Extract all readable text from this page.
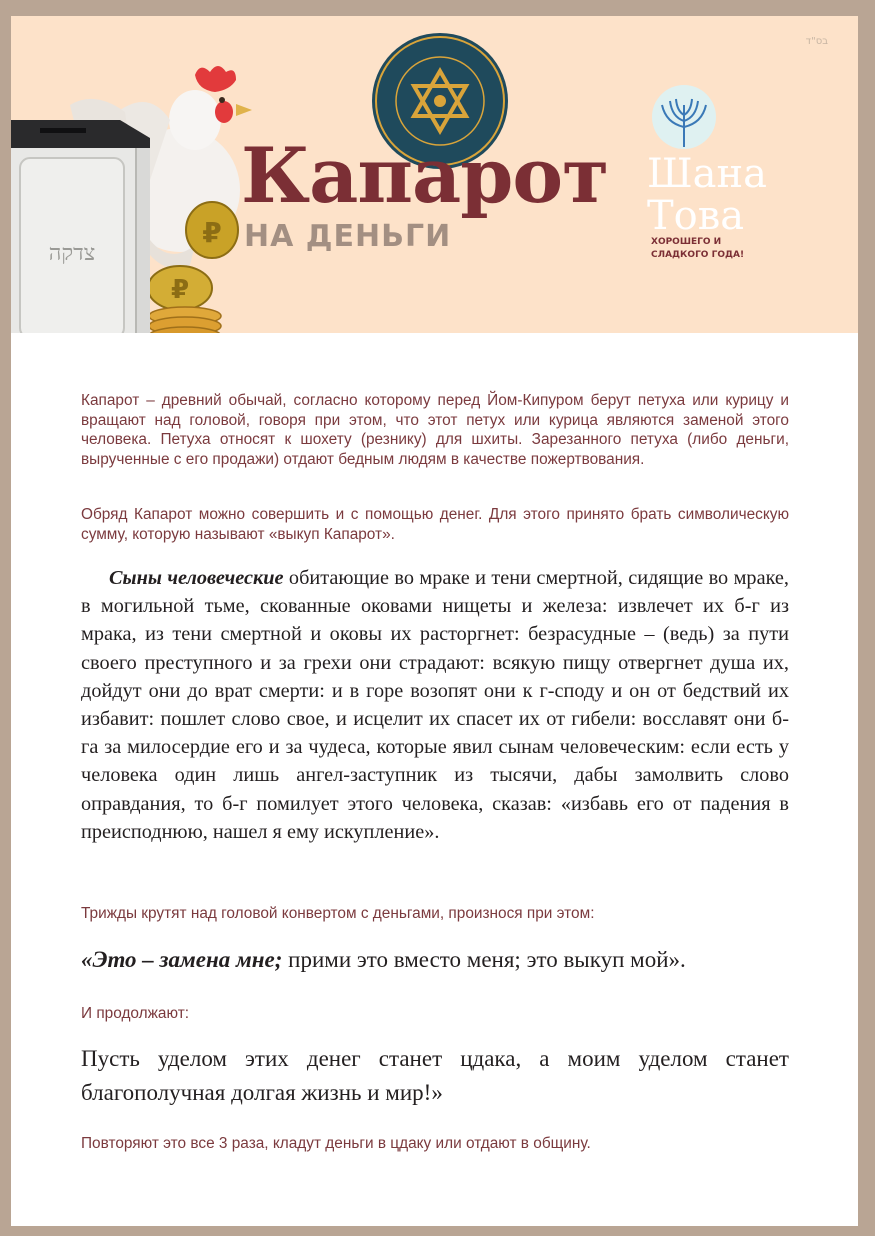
בס"ד
₽
₽
צדקה
Капарот
НА ДЕНЬГИ
Шана
Това
ХОРОШЕГО И
СЛАДКОГО ГОДА!

Капарот – древний обычай, согласно которому перед Йом-Кипуром берут петуха или курицу и вращают над головой, говоря при этом, что этот петух или курица являются заменой этого человека. Петуха относят к шохету (резнику) для шхиты. Зарезанного петуха (либо деньги, вырученные с его продажи) отдают бедным людям в качестве пожертвования.

Обряд Капарот можно совершить и с помощью денег. Для этого принято брать символическую сумму, которую называют «выкуп Капарот».

Сыны человеческие обитающие во мраке и тени смертной, сидящие во мраке, в могильной тьме, скованные оковами нищеты и железа: извлечет их б-г из мрака, из тени смертной и оковы их расторгнет: безрасудные – (ведь) за пути своего преступного и за грехи они страдают: всякую пищу отвергнет душа их, дойдут они до врат смерти: и в горе возопят они к г-споду и он от бедствий их избавит: пошлет слово свое, и исцелит их спасет их от гибели: восславят они б-га за милосердие его и за чудеса, которые явил сынам человеческим: если есть у человека один лишь ангел-заступник из тысячи, дабы замолвить слово оправдания, то б-г помилует этого человека, сказав: «избавь его от падения в преисподнюю, нашел я ему искупление».

Трижды крутят над головой конвертом с деньгами, произнося при этом:

«Это – замена мне; прими это вместо меня; это выкуп мой».

И продолжают:

Пусть уделом этих денег станет цдака, а моим уделом станет благополучная долгая жизнь и мир!»

Повторяют это все 3 раза, кладут деньги в цдаку или отдают в общину.
